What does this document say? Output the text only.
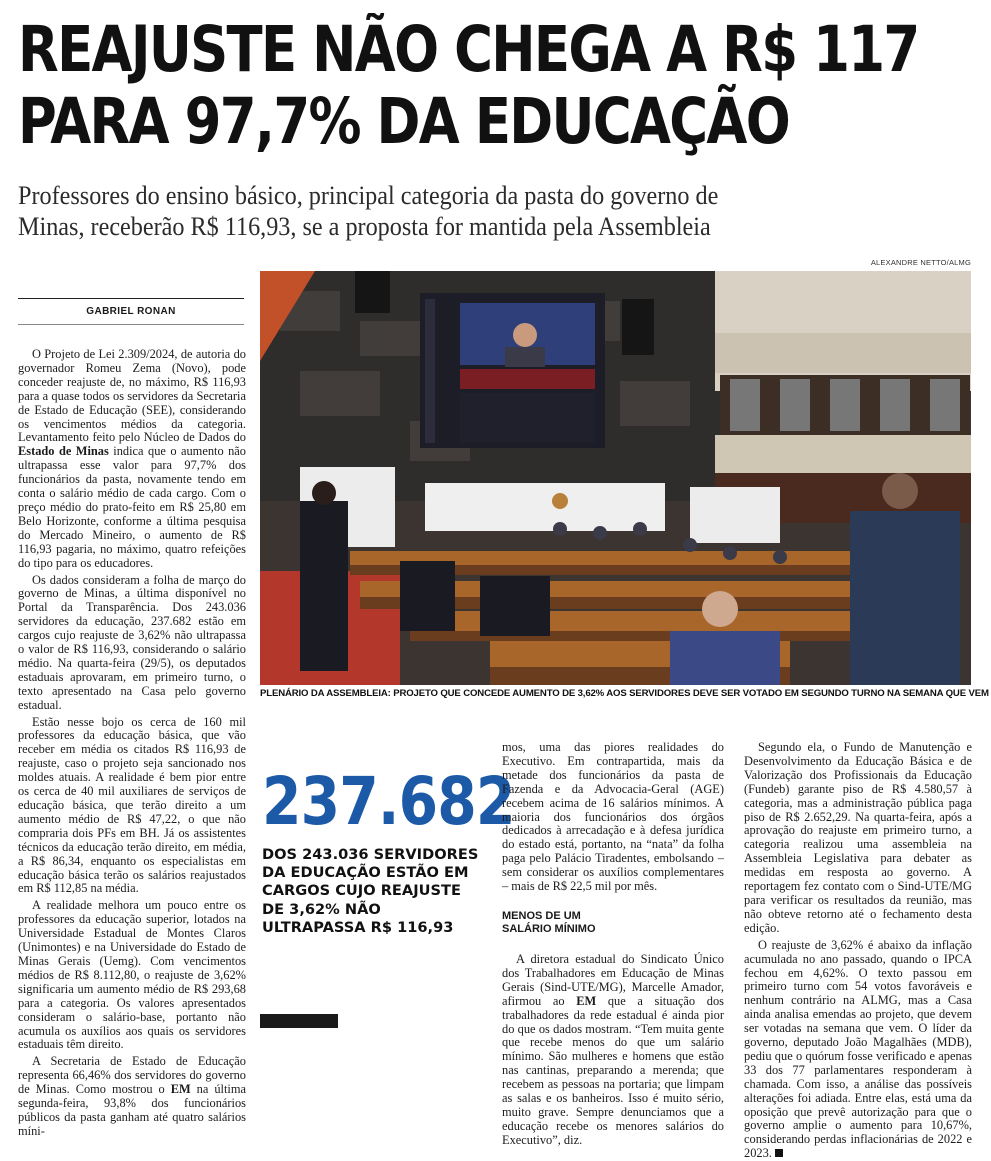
REAJUSTE NÃO CHEGA A R$ 117
PARA 97,7% DA EDUCAÇÃO
Professores do ensino básico, principal categoria da pasta do governo de
Minas, receberão R$ 116,93, se a proposta for mantida pela Assembleia
ALEXANDRE NETTO/ALMG
PLENÁRIO DA ASSEMBLEIA: PROJETO QUE CONCEDE AUMENTO DE 3,62% AOS SERVIDORES DEVE SER VOTADO EM SEGUNDO TURNO NA SEMANA QUE VEM
GABRIEL RONAN

O Projeto de Lei 2.309/2024, de autoria do governador Romeu Zema (Novo), pode conceder reajuste de, no máximo, R$ 116,93 para a quase todos os servidores da Secretaria de Estado de Educação (SEE), considerando os vencimentos médios da categoria. Levantamento feito pelo Núcleo de Dados do Estado de Minas indica que o aumento não ultrapassa esse valor para 97,7% dos funcionários da pasta, novamente tendo em conta o salário médio de cada cargo. Com o preço médio do prato-feito em R$ 25,80 em Belo Horizonte, conforme a última pesquisa do Mercado Mineiro, o aumento de R$ 116,93 pagaria, no máximo, quatro refeições do tipo para os educadores.

Os dados consideram a folha de março do governo de Minas, a última disponível no Portal da Transparência. Dos 243.036 servidores da educação, 237.682 estão em cargos cujo reajuste de 3,62% não ultrapassa o valor de R$ 116,93, considerando o salário médio. Na quarta-feira (29/5), os deputados estaduais aprovaram, em primeiro turno, o texto apresentado na Casa pelo governo estadual.

Estão nesse bojo os cerca de 160 mil professores da educação básica, que vão receber em média os citados R$ 116,93 de reajuste, caso o projeto seja sancionado nos moldes atuais. A realidade é bem pior entre os cerca de 40 mil auxiliares de serviços de educação básica, que terão direito a um aumento médio de R$ 47,22, o que não compraria dois PFs em BH. Já os assistentes técnicos da educação terão direito, em média, a R$ 86,34, enquanto os especialistas em educação básica terão os salários reajustados em R$ 112,85 na média.

A realidade melhora um pouco entre os professores da educação superior, lotados na Universidade Estadual de Montes Claros (Unimontes) e na Universidade do Estado de Minas Gerais (Uemg). Com vencimentos médios de R$ 8.112,80, o reajuste de 3,62% significaria um aumento médio de R$ 293,68 para a categoria. Os valores apresentados consideram o salário-base, portanto não acumula os auxílios aos quais os servidores estaduais têm direito.

A Secretaria de Estado de Educação representa 66,46% dos servidores do governo de Minas. Como mostrou o EM na última segunda-feira, 93,8% dos funcionários públicos da pasta ganham até quatro salários míni-

237.682
DOS 243.036 SERVIDORES DA EDUCAÇÃO ESTÃO EM CARGOS CUJO REAJUSTE DE 3,62% NÃO ULTRAPASSA R$ 116,93

mos, uma das piores realidades do Executivo. Em contrapartida, mais da metade dos funcionários da pasta de Fazenda e da Advocacia-Geral (AGE) recebem acima de 16 salários mínimos. A maioria dos funcionários dos órgãos dedicados à arrecadação e à defesa jurídica do estado está, portanto, na “nata” da folha paga pelo Palácio Tiradentes, embolsando – sem considerar os auxílios complementares – mais de R$ 22,5 mil por mês.

MENOS DE UM
SALÁRIO MÍNIMO

A diretora estadual do Sindicato Único dos Trabalhadores em Educação de Minas Gerais (Sind-UTE/MG), Marcelle Amador, afirmou ao EM que a situação dos trabalhadores da rede estadual é ainda pior do que os dados mostram. “Tem muita gente que recebe menos do que um salário mínimo. São mulheres e homens que estão nas cantinas, preparando a merenda; que recebem as pessoas na portaria; que limpam as salas e os banheiros. Isso é muito sério, muito grave. Sempre denunciamos que a educação recebe os menores salários do Executivo”, diz.

Segundo ela, o Fundo de Manutenção e Desenvolvimento da Educação Básica e de Valorização dos Profissionais da Educação (Fundeb) garante piso de R$ 4.580,57 à categoria, mas a administração pública paga piso de R$ 2.652,29. Na quarta-feira, após a aprovação do reajuste em primeiro turno, a categoria realizou uma assembleia na Assembleia Legislativa para debater as medidas em resposta ao governo. A reportagem fez contato com o Sind-UTE/MG para verificar os resultados da reunião, mas não obteve retorno até o fechamento desta edição.

O reajuste de 3,62% é abaixo da inflação acumulada no ano passado, quando o IPCA fechou em 4,62%. O texto passou em primeiro turno com 54 votos favoráveis e nenhum contrário na ALMG, mas a Casa ainda analisa emendas ao projeto, que devem ser votadas na semana que vem. O líder da governo, deputado João Magalhães (MDB), pediu que o quórum fosse verificado e apenas 33 dos 77 parlamentares responderam à chamada. Com isso, a análise das possíveis alterações foi adiada. Entre elas, está uma da oposição que prevê autorização para que o governo amplie o aumento para 10,67%, considerando perdas inflacionárias de 2022 e 2023.
